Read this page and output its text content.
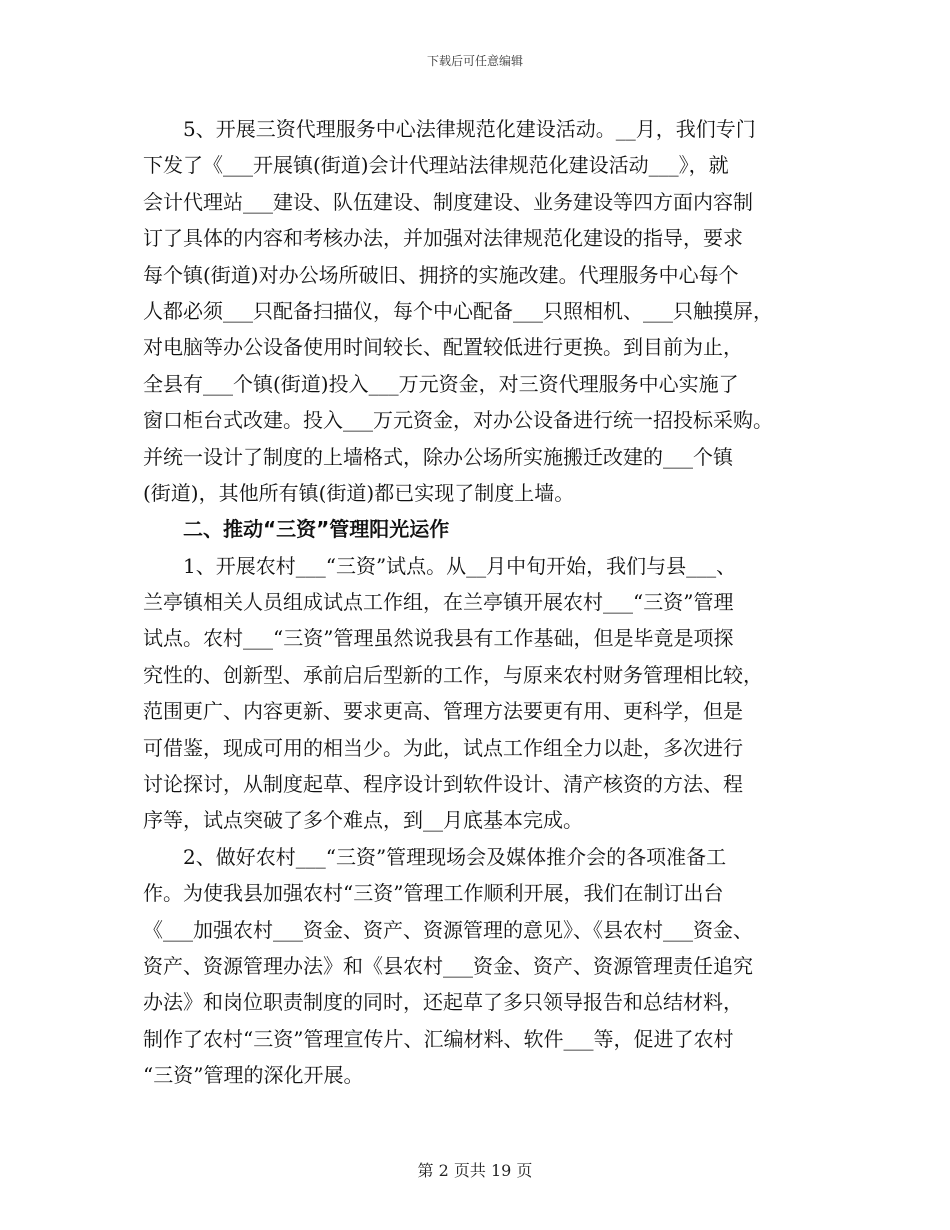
下载后可任意编辑
5、开展三资代理服务中心法律规范化建设活动。__月，我们专门
下发了《___开展镇(街道)会计代理站法律规范化建设活动___》，就
会计代理站___建设、队伍建设、制度建设、业务建设等四方面内容制
订了具体的内容和考核办法，并加强对法律规范化建设的指导，要求
每个镇(街道)对办公场所破旧、拥挤的实施改建。代理服务中心每个
人都必须___只配备扫描仪，每个中心配备___只照相机、___只触摸屏，
对电脑等办公设备使用时间较长、配置较低进行更换。到目前为止，
全县有___个镇(街道)投入___万元资金，对三资代理服务中心实施了
窗口柜台式改建。投入___万元资金，对办公设备进行统一招投标采购。
并统一设计了制度的上墙格式，除办公场所实施搬迁改建的___个镇
(街道)，其他所有镇(街道)都已实现了制度上墙。
二、推动“三资”管理阳光运作
1、开展农村___“三资”试点。从__月中旬开始，我们与县___、
兰亭镇相关人员组成试点工作组，在兰亭镇开展农村___“三资”管理
试点。农村___“三资”管理虽然说我县有工作基础，但是毕竟是项探
究性的、创新型、承前启后型新的工作，与原来农村财务管理相比较，
范围更广、内容更新、要求更高、管理方法要更有用、更科学，但是
可借鉴，现成可用的相当少。为此，试点工作组全力以赴，多次进行
讨论探讨，从制度起草、程序设计到软件设计、清产核资的方法、程
序等，试点突破了多个难点，到__月底基本完成。
2、做好农村___“三资”管理现场会及媒体推介会的各项准备工
作。为使我县加强农村“三资”管理工作顺利开展，我们在制订出台
《___加强农村___资金、资产、资源管理的意见》、《县农村___资金、
资产、资源管理办法》和《县农村___资金、资产、资源管理责任追究
办法》和岗位职责制度的同时，还起草了多只领导报告和总结材料，
制作了农村“三资”管理宣传片、汇编材料、软件___等，促进了农村
“三资”管理的深化开展。
第 2 页共 19 页
